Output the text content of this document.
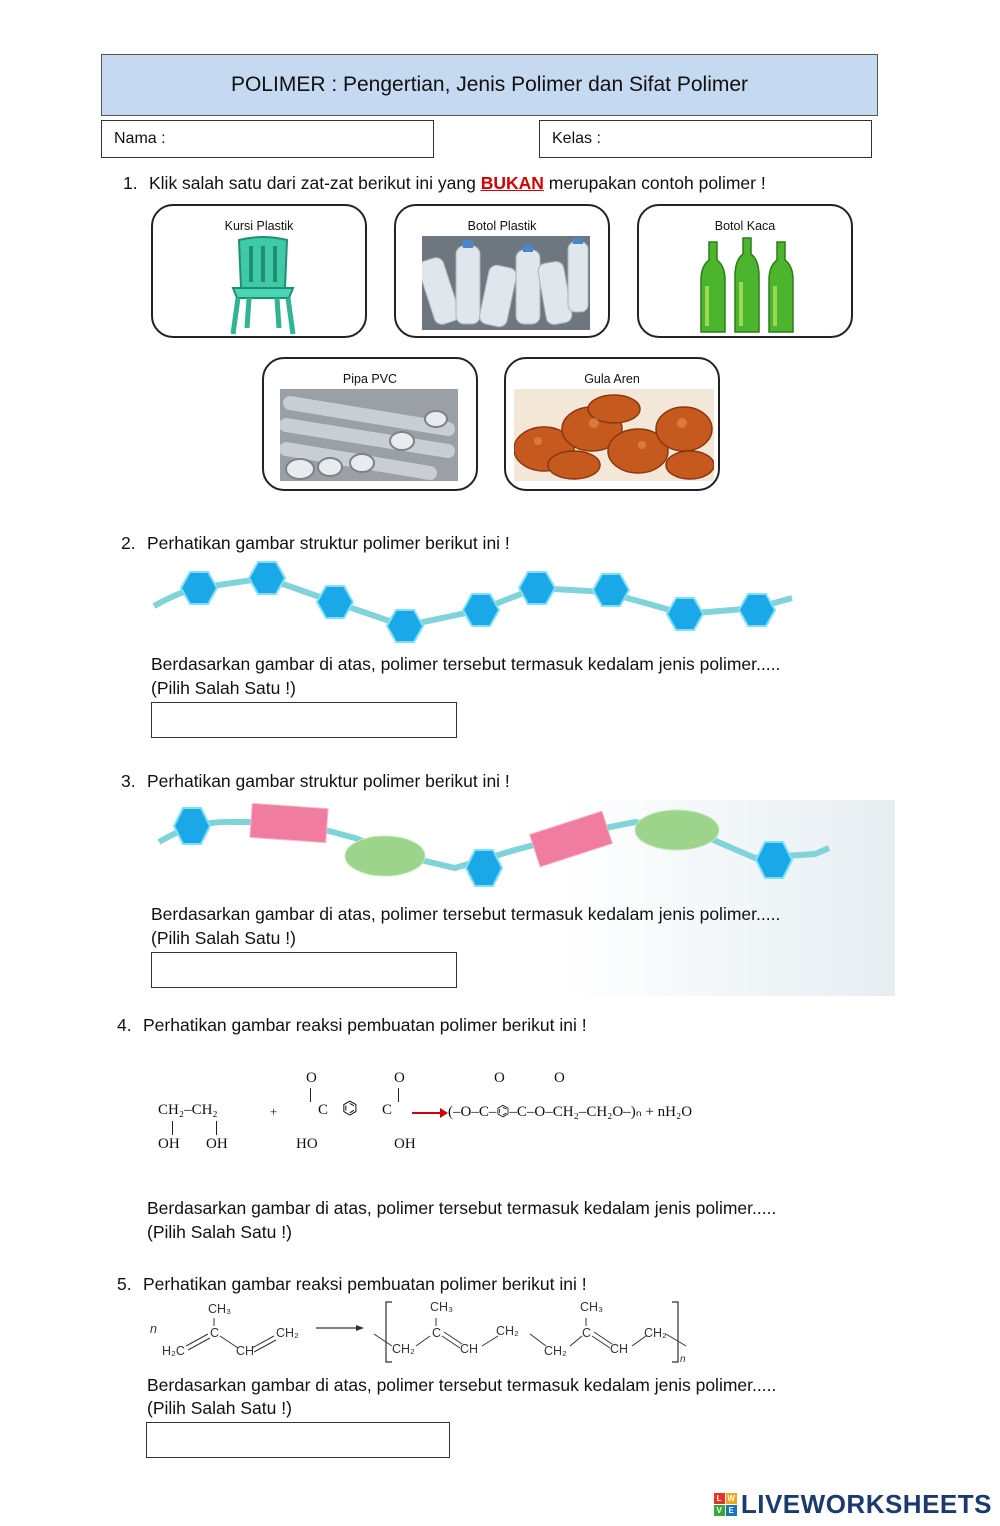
POLIMER : Pengertian, Jenis Polimer dan Sifat Polimer
Nama :	Kelas :
1. Klik salah satu dari zat-zat berikut ini yang BUKAN merupakan contoh polimer !
Kursi Plastik	Botol Plastik	Botol Kaca
Pipa PVC	Gula Aren
2. Perhatikan gambar struktur polimer berikut ini !
Berdasarkan gambar di atas, polimer tersebut termasuk kedalam jenis polimer.....
(Pilih Salah Satu !)
3. Perhatikan gambar struktur polimer berikut ini !
Berdasarkan gambar di atas, polimer tersebut termasuk kedalam jenis polimer.....
(Pilih Salah Satu !)
4. Perhatikan gambar reaksi pembuatan polimer berikut ini !
CH₂–CH₂
OH OH
+
O	O
C ⌬ C
HO	OH
O	O
(–O–C–⌬–C–O–CH₂–CH₂O–)ₙ + nH₂O
Berdasarkan gambar di atas, polimer tersebut termasuk kedalam jenis polimer.....
(Pilih Salah Satu !)
5. Perhatikan gambar reaksi pembuatan polimer berikut ini !
n
CH₃
C
H₂C	CH
CH₂
CH₂
CH₃
C
CH
CH₂
CH₂
CH₃
C
CH
CH₂
n
Berdasarkan gambar di atas, polimer tersebut termasuk kedalam jenis polimer.....
(Pilih Salah Satu !)
L W
V E LIVEWORKSHEETS
